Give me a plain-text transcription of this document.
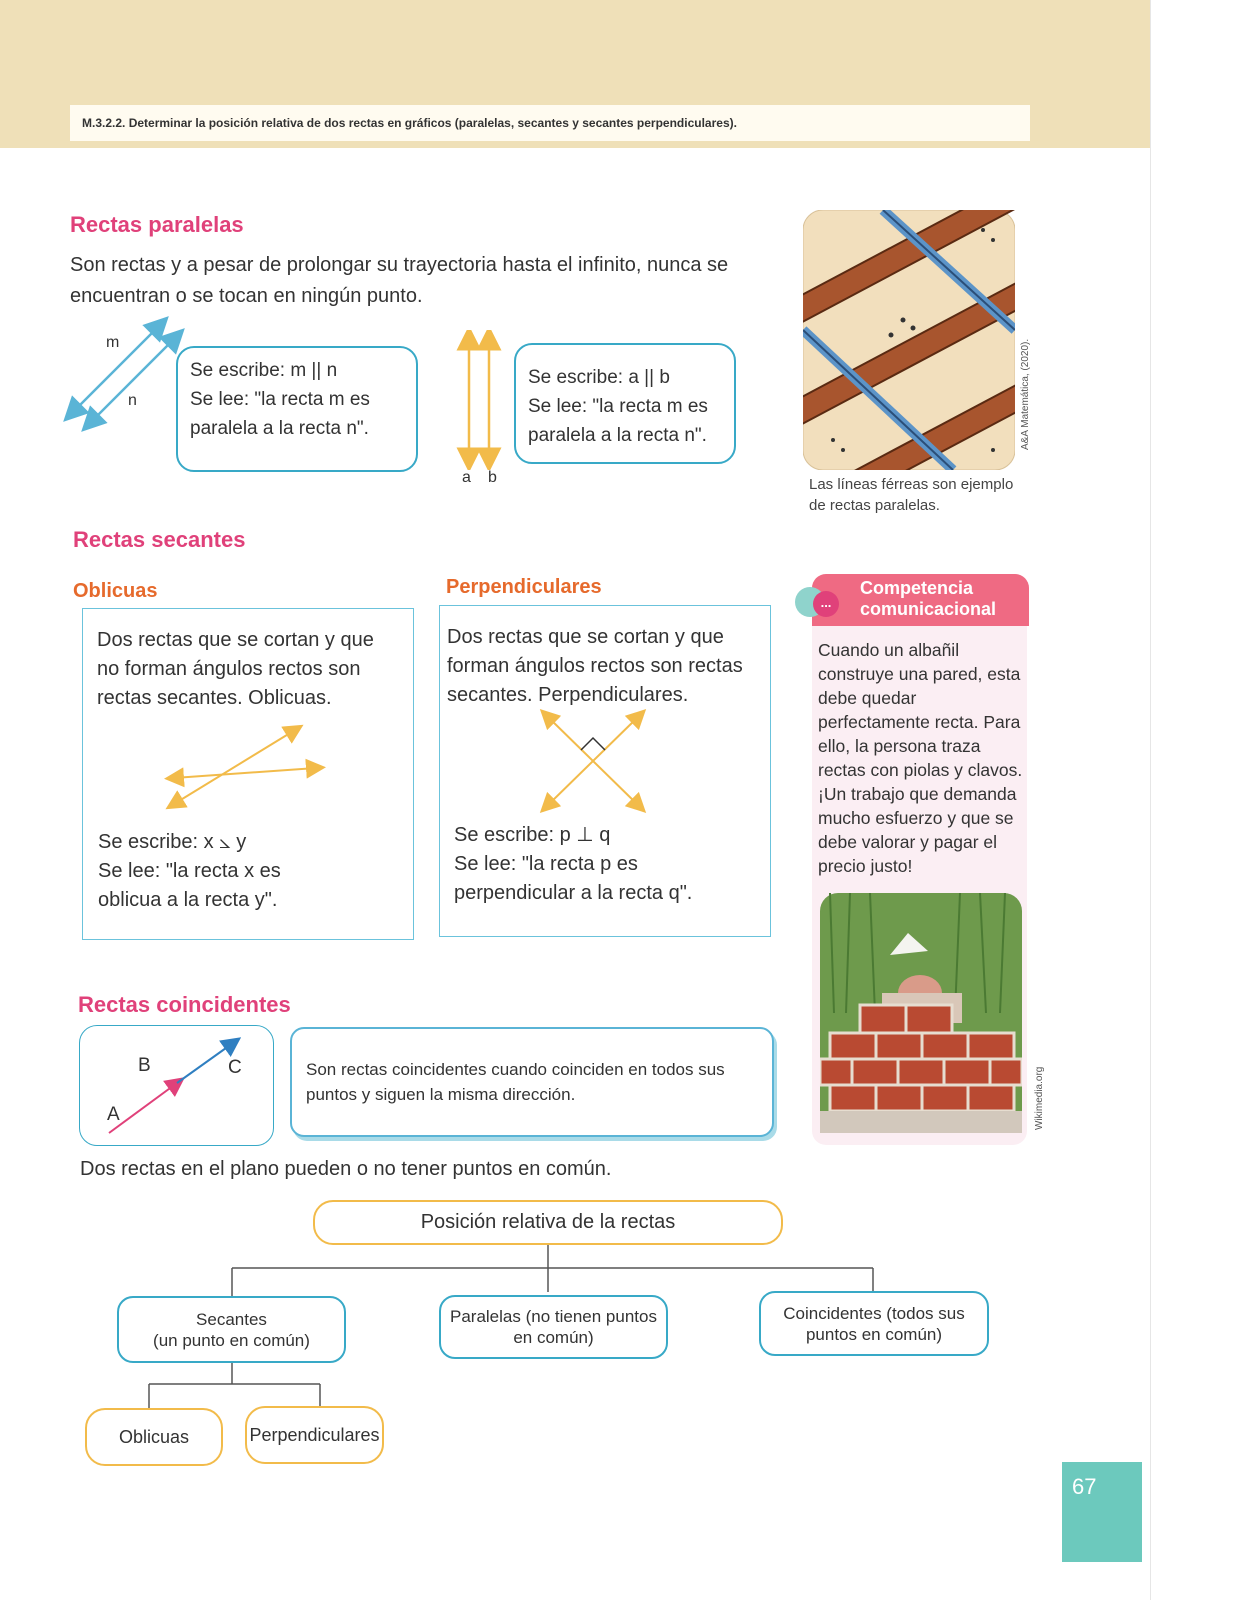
M.3.2.2. Determinar la posición relativa de dos rectas en gráficos (paralelas, secantes y secantes perpendiculares).
Rectas paralelas
Son rectas y a pesar de prolongar su trayectoria hasta el infinito, nunca se encuentran o se tocan en ningún punto.
m
n
Se escribe: m || n
Se lee: "la recta m es paralela a la recta n".
a b
Se escribe: a || b
Se lee: "la recta m es paralela a la recta n".	A&A Matemática, (2020).
Las líneas férreas son ejemplo de rectas paralelas.
Rectas secantes
Oblicuas
Dos rectas que se cortan y que no forman ángulos rectos son rectas secantes. Oblicuas.
Se escribe: x ⦣ y
Se lee: "la recta x es oblicua a la recta y".
Perpendiculares
Dos rectas que se cortan y que forman ángulos rectos son rectas secantes. Perpendiculares.
Se escribe: p ⊥ q
Se lee: "la recta p es perpendicular a la recta q".
Competencia comunicacional
...
Cuando un albañil construye una pared, esta debe quedar perfectamente recta. Para ello, la persona traza rectas con piolas y clavos. ¡Un trabajo que demanda mucho esfuerzo y que se debe valorar y pagar el precio justo!
Wikimedia.org
Rectas coincidentes
B	C
A
Son rectas coincidentes cuando coinciden en todos sus puntos y siguen la misma dirección.
Dos rectas en el plano pueden o no tener puntos en común.
Posición relativa de la rectas
Secantes
(un punto en común)
Paralelas (no tienen puntos
en común)
Coincidentes (todos sus
puntos en común)
Oblicuas	Perpendiculares
67
